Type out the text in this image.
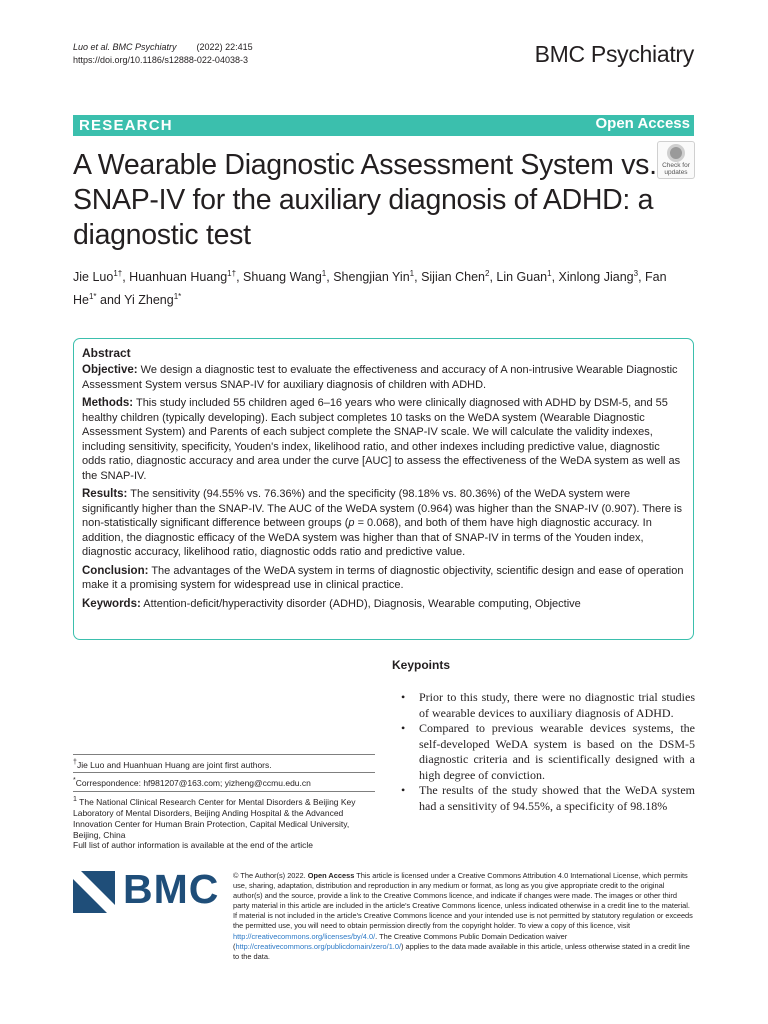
Luo et al. BMC Psychiatry (2022) 22:415
https://doi.org/10.1186/s12888-022-04038-3	BMC Psychiatry
RESEARCH	Open Access
A Wearable Diagnostic Assessment System vs. SNAP-IV for the auxiliary diagnosis of ADHD: a diagnostic test
Check for
updates
Jie Luo$^{1\dagger}$, Huanhuan Huang$^{1\dagger}$, Shuang Wang$^1$, Shengjian Yin$^1$, Sijian Chen$^2$, Lin Guan$^1$, Xinlong Jiang$^3$, Fan $He^{1*}$ and Yi Zheng$^{1*}$
Abstract

Objective: We design a diagnostic test to evaluate the effectiveness and accuracy of A non-intrusive Wearable Diagnostic Assessment System versus SNAP-IV for auxiliary diagnosis of children with ADHD.

Methods: This study included 55 children aged 6–16 years who were clinically diagnosed with ADHD by DSM-5, and 55 healthy children (typically developing). Each subject completes 10 tasks on the WeDA system (Wearable Diagnostic Assessment System) and Parents of each subject complete the SNAP-IV scale. We will calculate the validity indexes, including sensitivity, specificity, Youden's index, likelihood ratio, and other indexes including predictive value, diagnostic odds ratio, diagnostic accuracy and area under the curve [AUC] to assess the effectiveness of the WeDA system as well as the SNAP-IV.

Results: The sensitivity (94.55% vs. 76.36%) and the specificity (98.18% vs. 80.36%) of the WeDA system were significantly higher than the SNAP-IV. The AUC of the WeDA system (0.964) was higher than the SNAP-IV (0.907). There is non-statistically significant difference between groups (p = 0.068), and both of them have high diagnostic accuracy. In addition, the diagnostic efficacy of the WeDA system was higher than that of SNAP-IV in terms of the Youden index, diagnostic accuracy, likelihood ratio, diagnostic odds ratio and predictive value.

Conclusion: The advantages of the WeDA system in terms of diagnostic objectivity, scientific design and ease of operation make it a promising system for widespread use in clinical practice.

Keywords: Attention-deficit/hyperactivity disorder (ADHD), Diagnosis, Wearable computing, Objective

Keypoints
• Prior to this study, there were no diagnostic trial studies of wearable devices to auxiliary diagnosis of ADHD.
• Compared to previous wearable devices systems, the self-developed WeDA system is based on the DSM-5 diagnostic criteria and is scientifically designed with a high degree of conviction.
• The results of the study showed that the WeDA system had a sensitivity of 94.55%, a specificity of 98.18%
†Jie Luo and Huanhuan Huang are joint first authors.
*Correspondence: hf981207@163.com; yizheng@ccmu.edu.cn
$^1$ The National Clinical Research Center for Mental Disorders & Beijing Key Laboratory of Mental Disorders, Beijing Anding Hospital & the Advanced Innovation Center for Human Brain Protection, Capital Medical University, Beijing, China
Full list of author information is available at the end of the article
BMC © The Author(s) 2022. Open Access This article is licensed under a Creative Commons Attribution 4.0 International License, which permits use, sharing, adaptation, distribution and reproduction in any medium or format, as long as you give appropriate credit to the original author(s) and the source, provide a link to the Creative Commons licence, and indicate if changes were made. The images or other third party material in this article are included in the article's Creative Commons licence, unless indicated otherwise in a credit line to the material. If material is not included in the article's Creative Commons licence and your intended use is not permitted by statutory regulation or exceeds the permitted use, you will need to obtain permission directly from the copyright holder. To view a copy of this licence, visit http://creativecommons.org/licenses/by/4.0/. The Creative Commons Public Domain Dedication waiver (http://creativecommons.org/publicdomain/zero/1.0/) applies to the data made available in this article, unless otherwise stated in a credit line to the data.
